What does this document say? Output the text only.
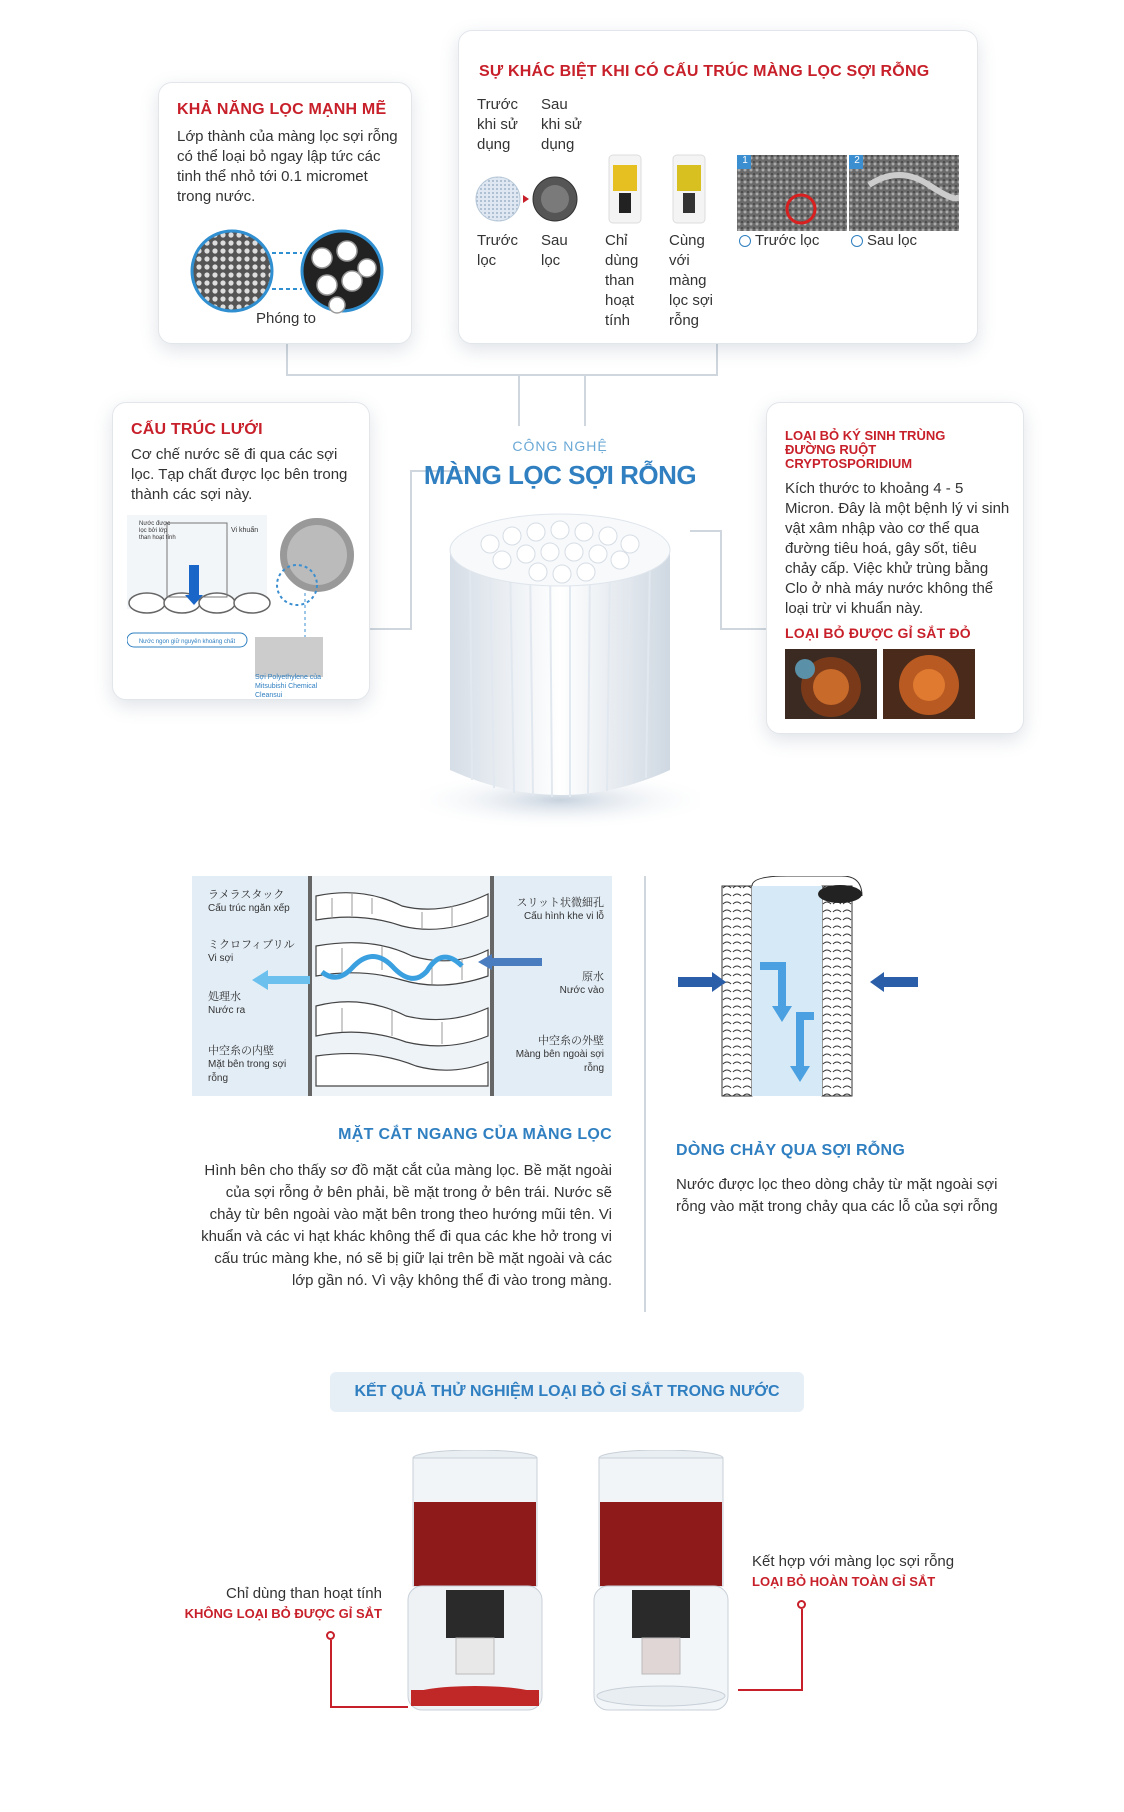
KHẢ NĂNG LỌC MẠNH MẼ
Lớp thành của màng lọc sợi rỗng có thể loại bỏ ngay lập tức các tinh thể nhỏ tới 0.1 micromet trong nước.
Phóng to
SỰ KHÁC BIỆT KHI CÓ CẤU TRÚC MÀNG LỌC SỢI RỖNG
Trước khi sử dụng
Sau khi sử dụng
Trước lọc
Sau lọc
Chỉ dùng than hoạt tính
Cùng với màng lọc sợi rỗng
1	2
Trước lọc	Sau lọc
CẤU TRÚC LƯỚI
Cơ chế nước sẽ đi qua các sợi lọc. Tạp chất được lọc bên trong thành các sợi này.
Nước được lọc bởi lớp than hoạt tính
Vi khuẩn
Nước ngon giữ nguyên khoáng chất
Sợi Polyethylene của Mitsubishi Chemical Cleansui
CÔNG NGHỆ
MÀNG LỌC SỢI RỖNG
LOẠI BỎ KÝ SINH TRÙNG ĐƯỜNG RUỘT CRYPTOSPORIDIUM
Kích thước to khoảng 4 - 5 Micron. Đây là một bệnh lý vi sinh vật xâm nhập vào cơ thể qua đường tiêu hoá, gây sốt, tiêu chảy cấp. Việc khử trùng bằng Clo ở nhà máy nước không thể loại trừ vi khuẩn này.
LOẠI BỎ ĐƯỢC GỈ SẮT ĐỎ
ラメラスタック
Cấu trúc ngăn xếp
ミクロフィブリル
Vi sợi
処理水
Nước ra
中空糸の内壁
Mặt bên trong sợi rỗng
スリット状微細孔
Cấu hình khe vi lỗ
原水
Nước vào
中空糸の外壁
Màng bên ngoài sợi rỗng
MẶT CẮT NGANG CỦA MÀNG LỌC
Hình bên cho thấy sơ đồ mặt cắt của màng lọc. Bề mặt ngoài của sợi rỗng ở bên phải, bề mặt trong ở bên trái. Nước sẽ chảy từ bên ngoài vào mặt bên trong theo hướng mũi tên. Vi khuẩn và các vi hạt khác không thể đi qua các khe hở trong vi cấu trúc màng khe, nó sẽ bị giữ lại trên bề mặt ngoài và các lớp gần nó. Vì vậy không thể đi vào trong màng.
DÒNG CHẢY QUA SỢI RỖNG
Nước được lọc theo dòng chảy từ mặt ngoài sợi rỗng vào mặt trong chảy qua các lỗ của sợi rỗng
KẾT QUẢ THỬ NGHIỆM LOẠI BỎ GỈ SẮT TRONG NƯỚC
Chỉ dùng than hoạt tính
KHÔNG LOẠI BỎ ĐƯỢC GỈ SẮT
Kết hợp với màng lọc sợi rỗng
LOẠI BỎ HOÀN TOÀN GỈ SẮT
